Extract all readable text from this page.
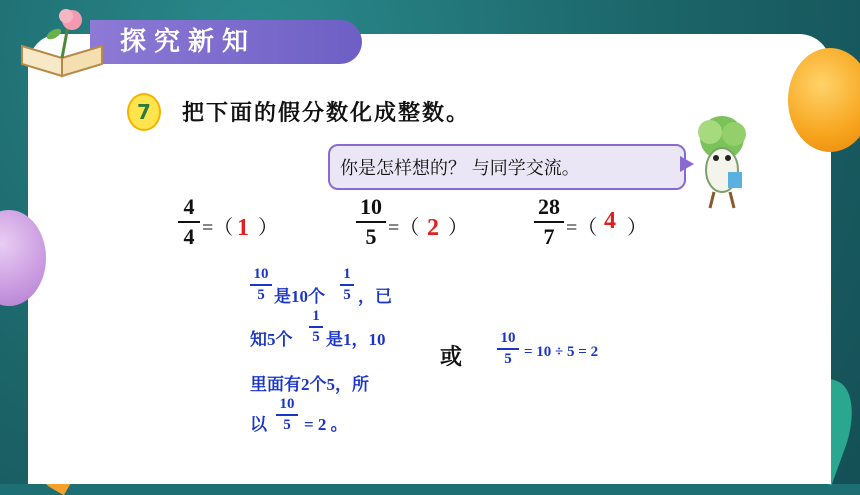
探究新知
7	把下面的假分数化成整数。
你是怎样想的？ 与同学交流。
4
4 =（ 1 ）
10
5 =（ 2 ）
28
7 =（ 4 ）
10
5 是10个
1
5 ，已
知5个
1
5 是1，10
里面有2个5，所
以
10
5 = 2 。
或
10
5 = 10 ÷ 5 = 2
